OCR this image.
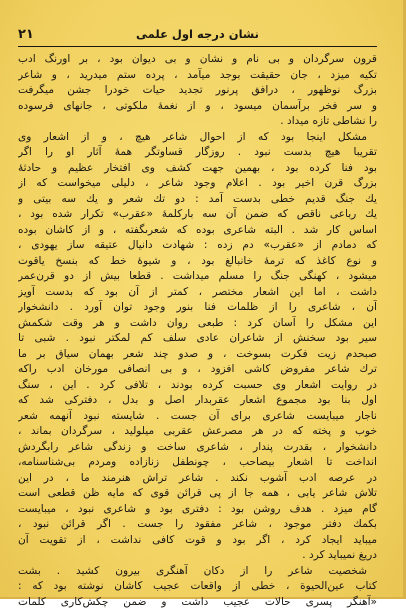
٢١	نشان درجه اول علمی
قرون سرگردان و بی نام و نشان و بی دیوان بود ، بر اورنگ ادب
تکیه میزد ، جان حقیقت بوجد میآمد ، پرده ستم میدرید ، و شاعر
بزرگ نوظهور ، درافق پرنور تجدید حیات خودرا جشن میگرفت
و سر فخر برآسمان میسود ، و از نغمهٔ ملکوتی ، جانهای فرسوده
را نشاطی تازه میداد .
مشکل اینجا بود که از احوال شاعر هیچ ، و از اشعار وی
تقریبا هیچ بدست نبود . روزگار قساوتگر همهٔ آثار او را اگر
بود فنا کرده بود ، بهمین جهت کشف وی افتخار عظیم و حادثهٔ
بزرگ قرن اخیر بود . اعلام وجود شاعر ، دلیلی میخواست که از
یك جنگ قدیم خطی بدست آمد : دو تك شعر و یك سه بیتی و
یك رباعی ناقص که ضمن آن سه بارکلمهٔ «عقرب» تکرار شده بود ،
اساس کار شد . البته شاعری بوده که شعرىگفته ، و از کاشان بوده
که دمادم از «عقرب» دم زده : شهادت دانیال عتیقه ساز یهودی ،
و نوع کاغذ که ترمهٔ خانبالغ بود ، و شیوهٔ خط که بنسخ یاقوت
میشود ، کهنگی جنگ را مسلم میداشت . قطعا بیش از دو قرن‌عمر
داشت ، اما این اشعار مختصر ، کمتر از آن بود که بدست آویز
آن ، شاعری را از ظلمات فنا بنور وجود توان آورد . دانشخوار
این مشکل را آسان کرد : طبعی روان داشت و هر وقت شکمش
سیر بود سخنش از شاعران عادی سلف کم لمکتر نبود . شبی تا
صبحدم زیت فکرت بسوخت ، و صدو چند شعر بهمان سیاق بر ما
ترك شاعر مفروض کاشی افزود ، و بی انصافی مورخان ادب راکه
در روایت اشعار وی حسبت کرده بودند ، تلافی کرد . این ، سنگ
اول بنا بود مجموع اشعار عقربدار اصل و بدل ، دفترکی شد که
ناجار میبایست شاعری برای آن جست . شایسته نبود آنهمه شعر
خوب و پخته که در هر مصرعش عقربی میلولید ، سرگردان بماند ،
دانشخوار ، بقدرت پندار ، شاعری ساخت و زندگی شاعر رابگردش
انداخت تا اشعار بیصاحب ، چونطفل زنازاده ومردم بی‌شناسنامه،
در عرصه ادب آشوب نکند . شاعر تراش هنرمند ما ، در این
تلاش شاعر یابی ، همه جا از پی قرائن قوی که مایه ظن قطعی است
گام میزد . هدف روشن بود : دفتری بود و شاعری نبود ، میبایست
بکمك دفتر موجود ، شاعر مفقود را جست . اگر قرائن نبود ،
میباید ایجاد کرد ، اگر بود و قوت کافی نداشت ، از تقویت آن
دریغ نمیباید کرد .
شخصیت شاعر را از دکان آهنگری بیرون کشید . بشت
کتاب عین‌الحیوة ، خطی از واقعات عجیب کاشان نوشته بود که :
«آهنگر پسری حالات عجیب داشت و ضمن چکش‌کاری کلمات
